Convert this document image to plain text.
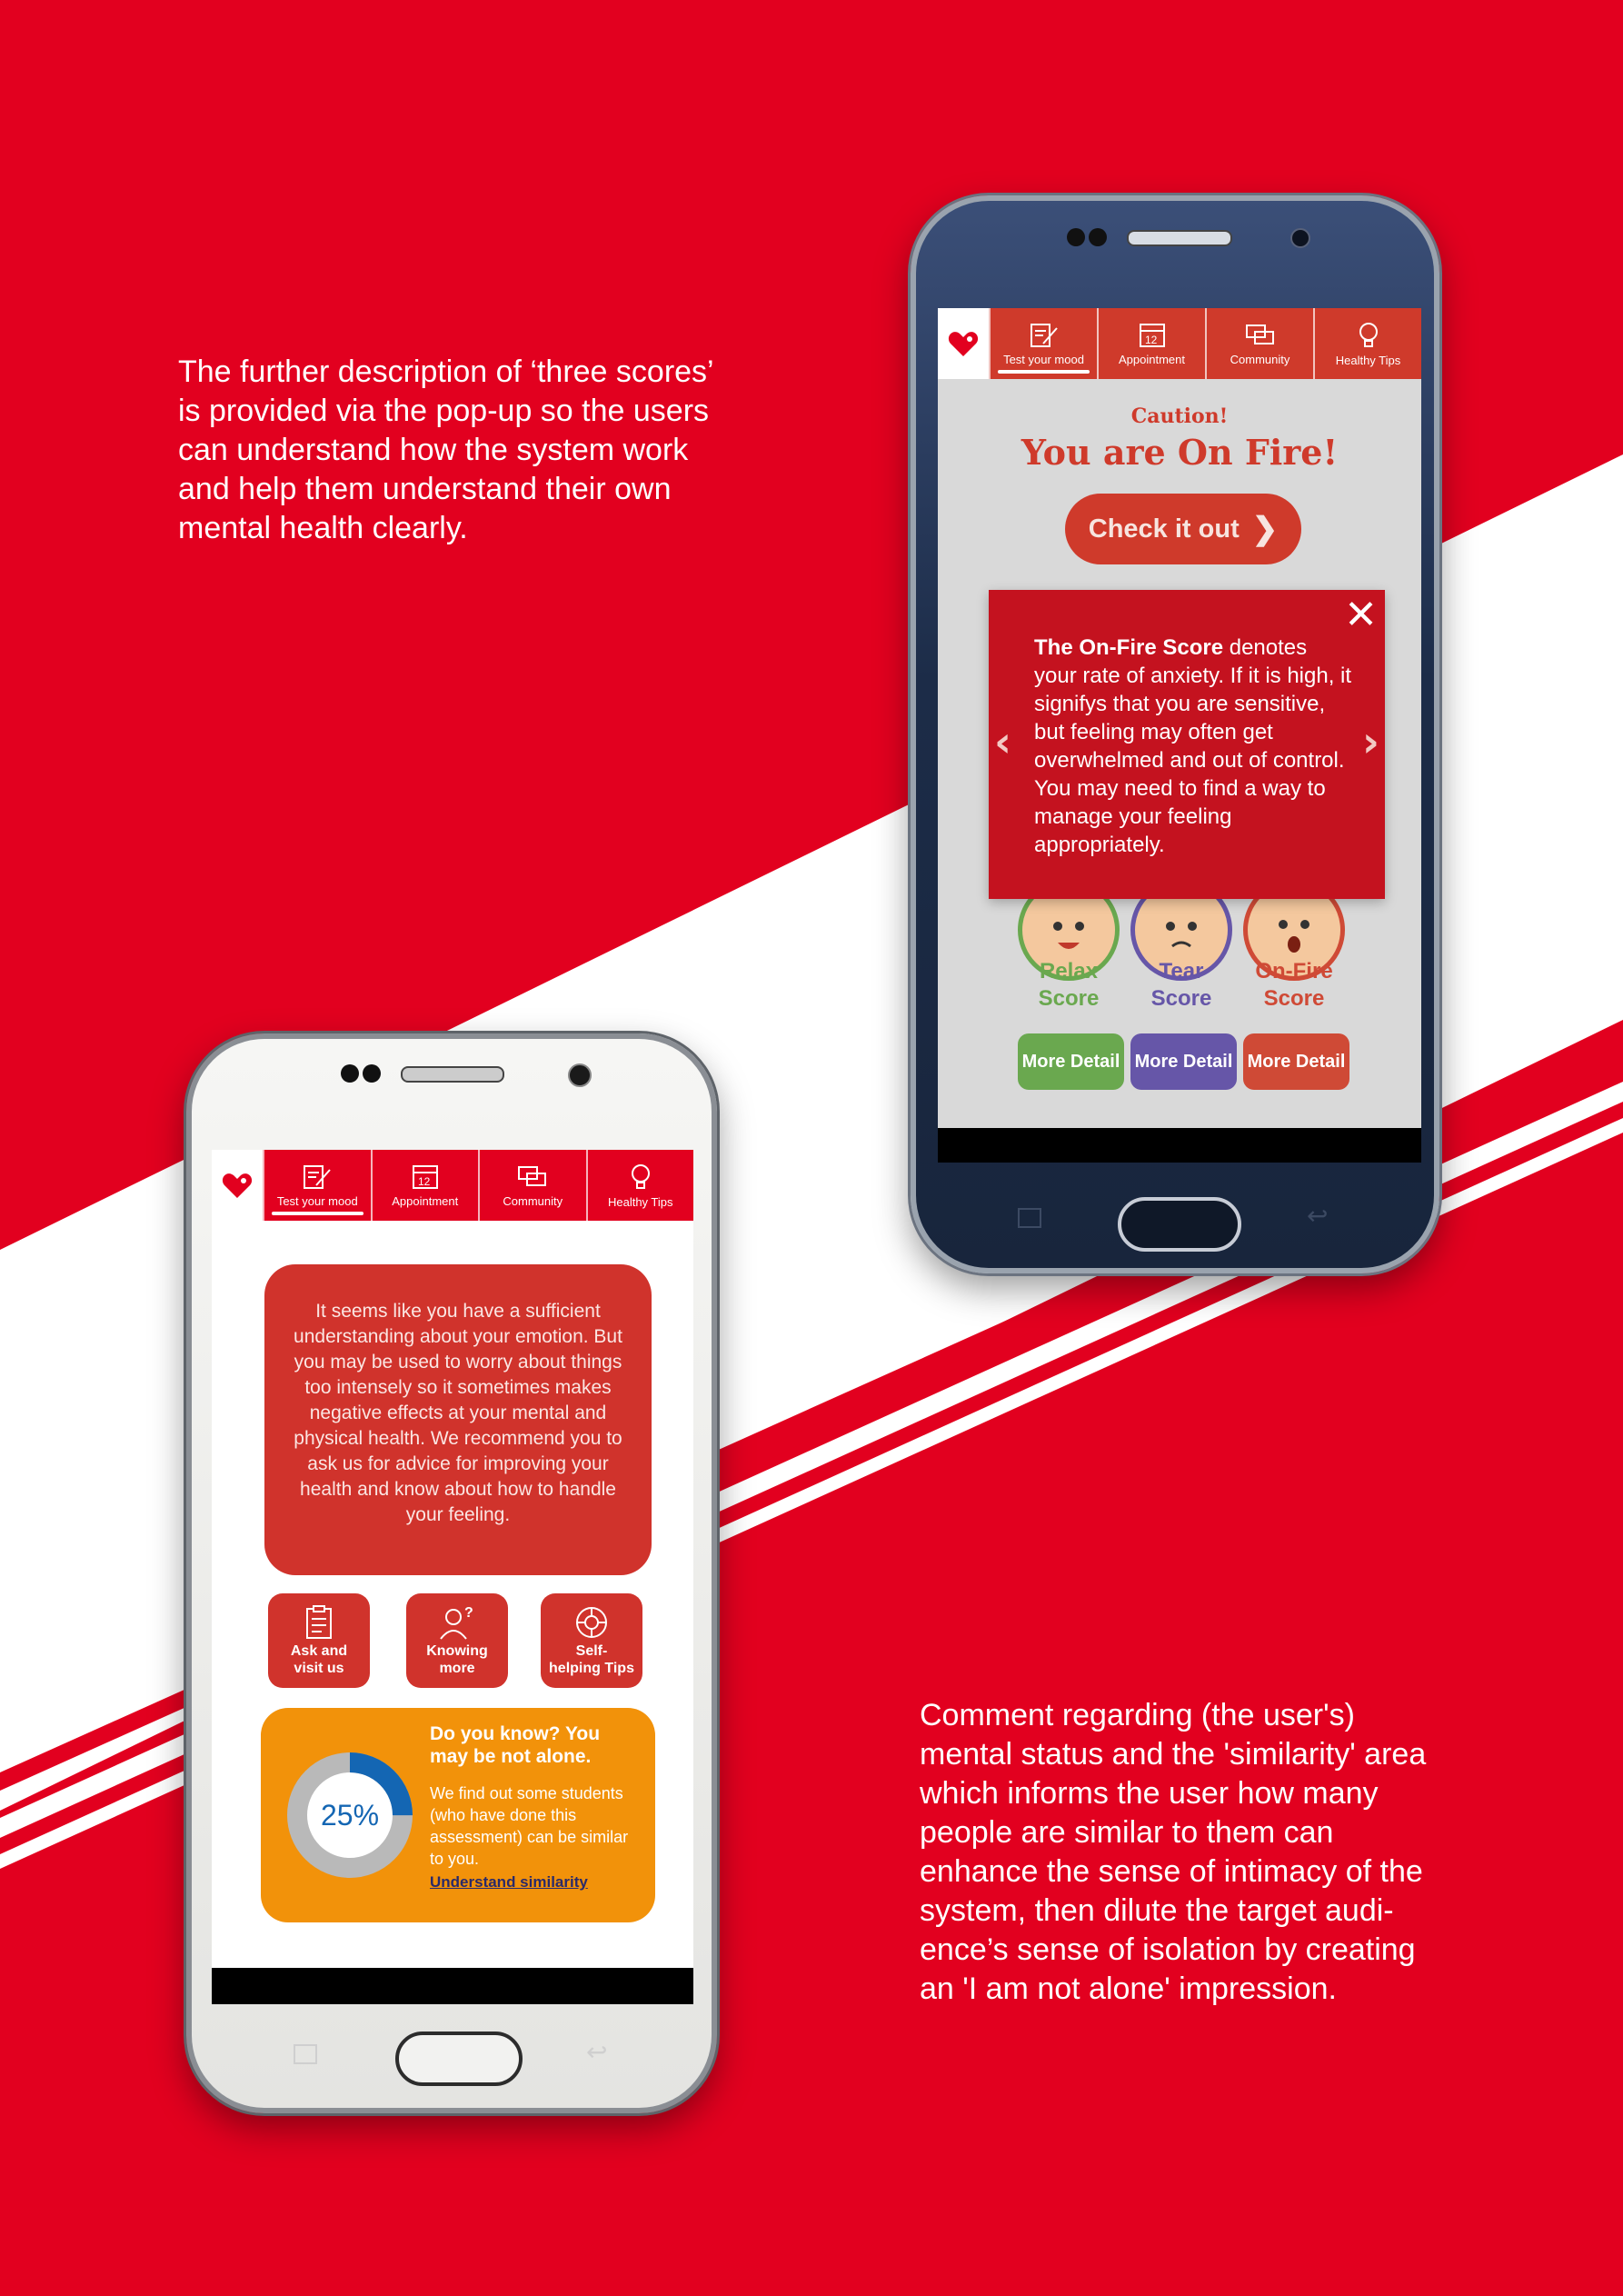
The further description of ‘three scores’
is provided via the pop-up so the users
can understand how the system work
and help them understand their own
mental health clearly.
Comment regarding (the user's)
mental status and the 'similarity' area
which informs the user how many
people are similar to them can
enhance the sense of intimacy of the
system, then dilute the target audi-
ence’s sense of isolation by creating
an 'I am not alone' impression.
Test your mood
12
Appointment	Community	Healthy Tips
Caution!
You are On Fire!
Check it out ❯
Relax
Score
Tear
Score
On-Fire
Score
More Detail More Detail More Detail
✕
‹	›
The On-Fire Score denotes your rate of anxiety. If it is high, it signifys that you are sensitive, but feeling may often get overwhelmed and out of control. You may need to find a way to manage your feeling appropriately.
↩
Test your mood
12
Appointment	Community	Healthy Tips
It seems like you have a sufficient understanding about your emotion. But you may be used to worry about things too intensely so it sometimes makes negative effects at your mental and physical health. We recommend you to ask us for advice for improving your health and know about how to handle your feeling.
Ask and
visit us
?
Knowing
more
Self-
helping Tips
25%
Do you know? You may be not alone.
We find out some students (who have done this assessment) can be similar to you.
Understand similarity
↩
